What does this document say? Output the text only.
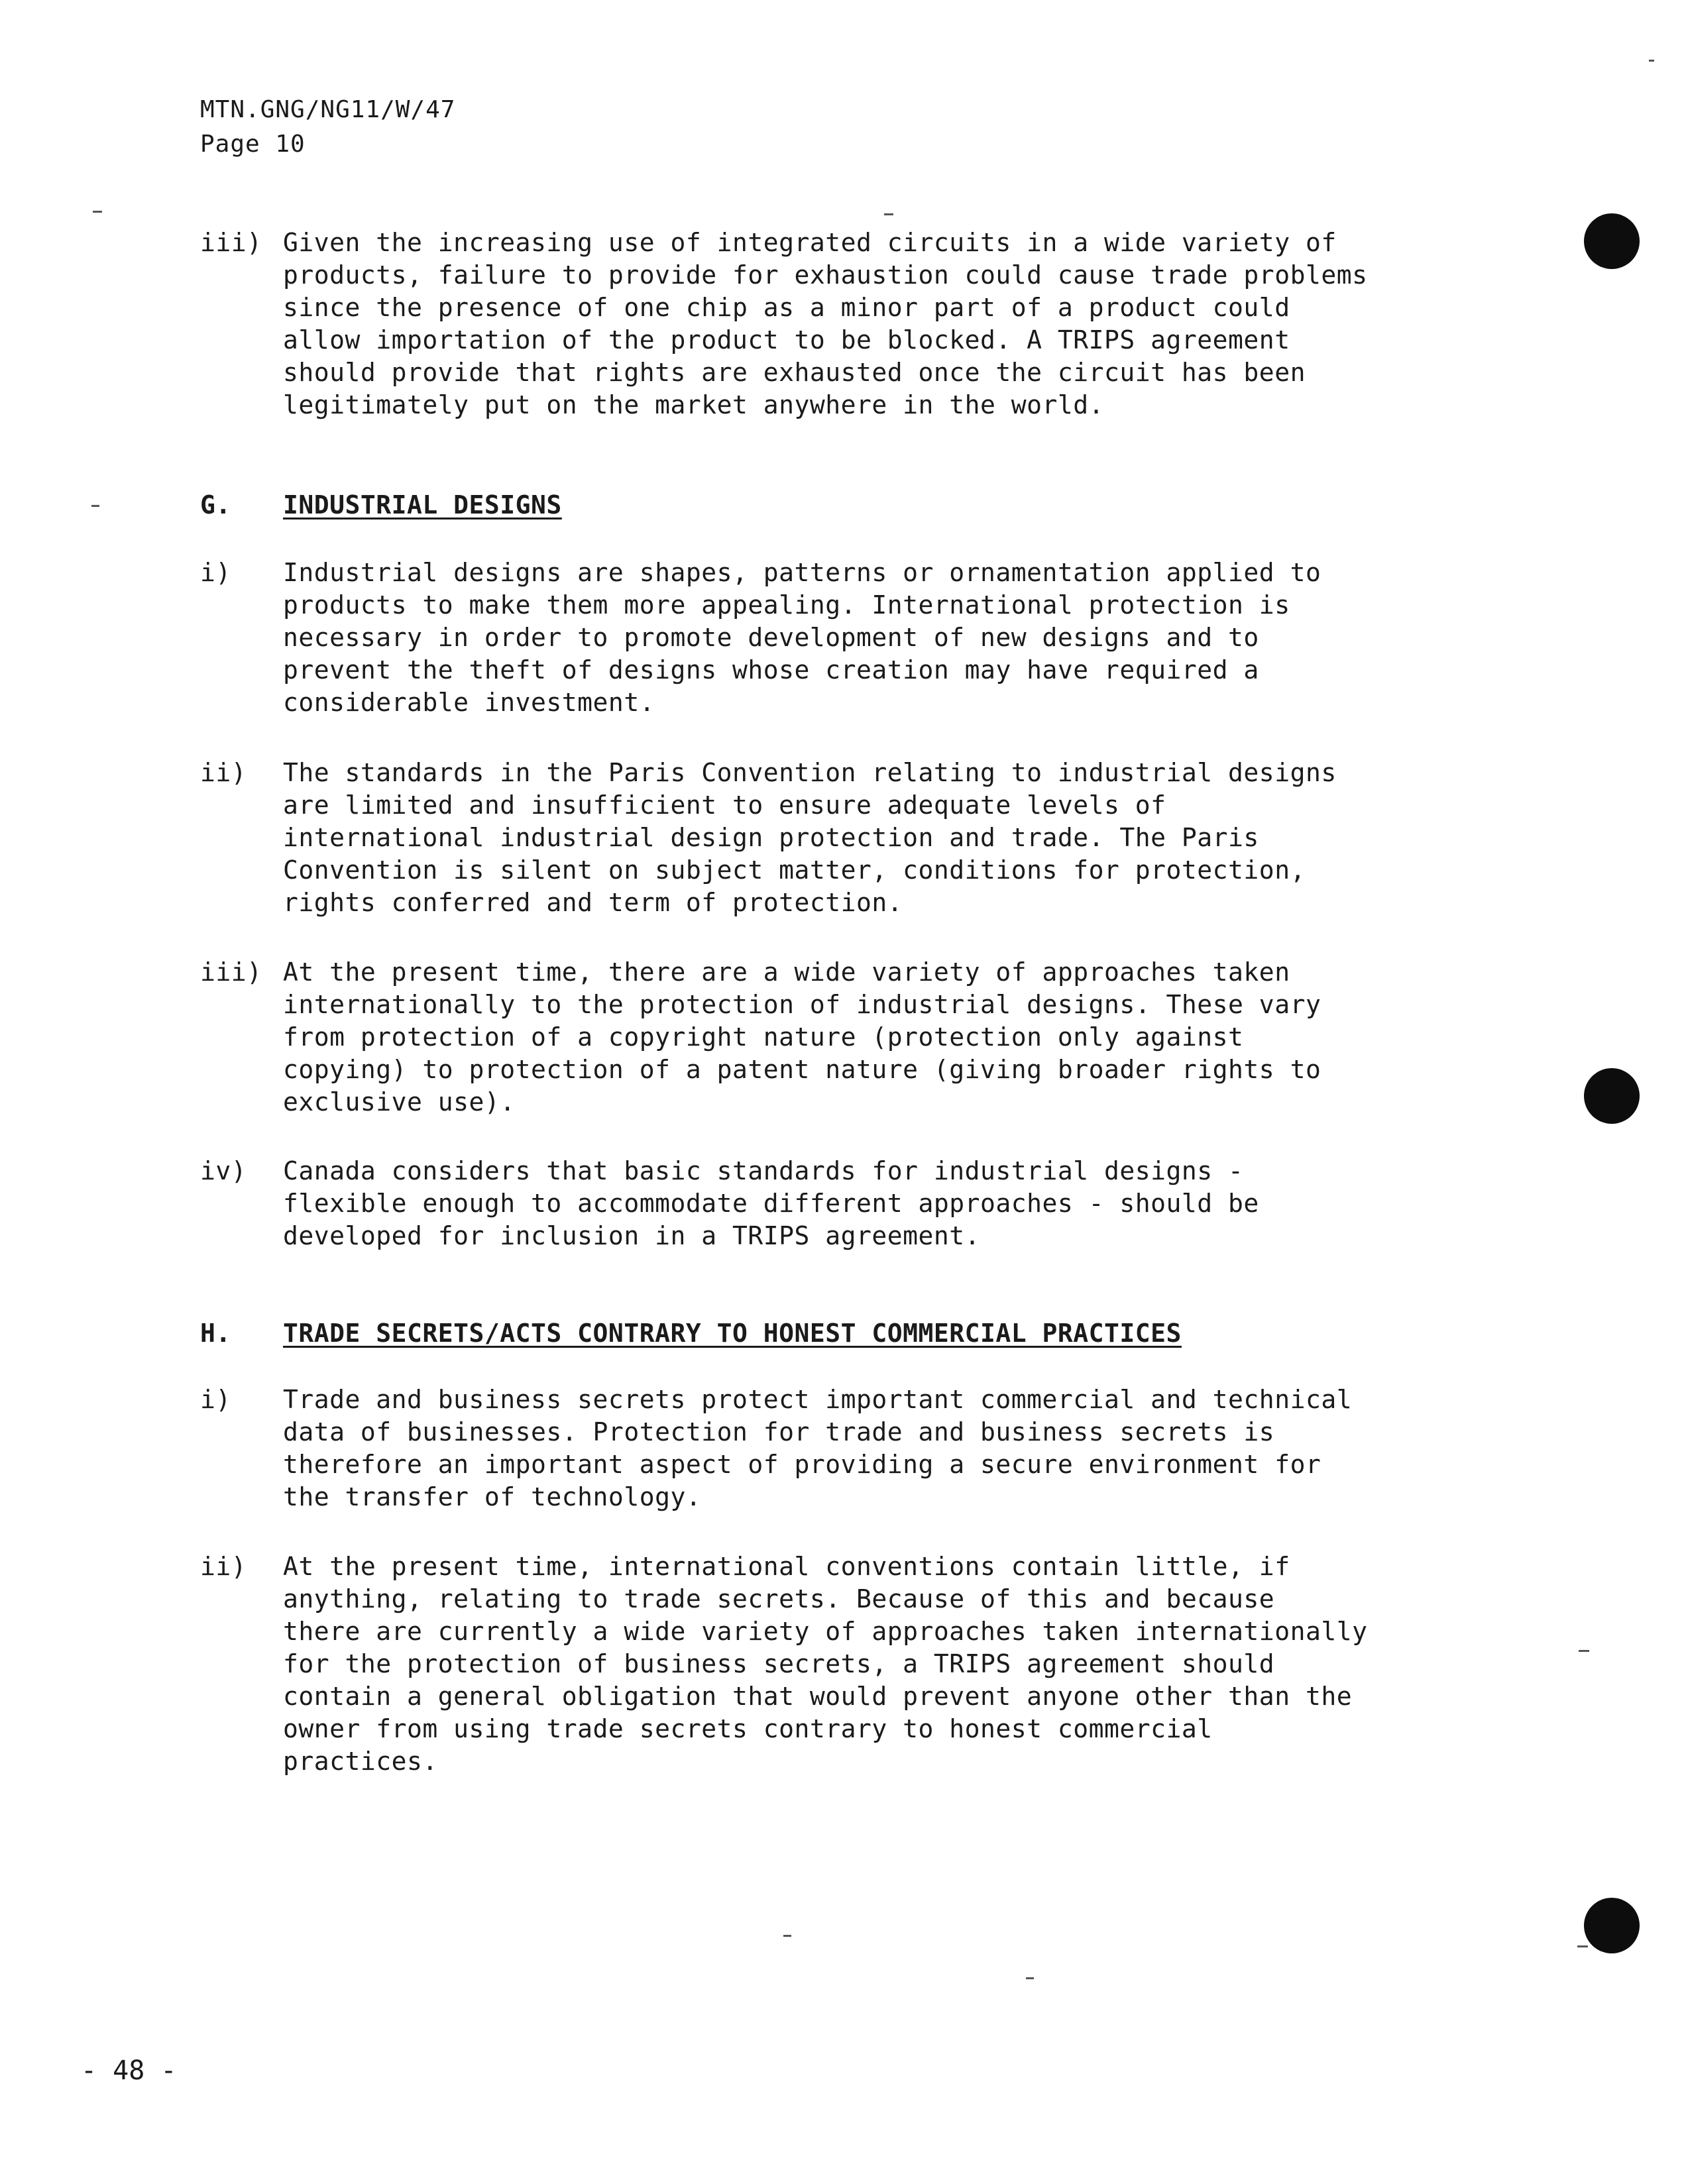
MTN.GNG/NG11/W/47
Page 10
iii) Given the increasing use of integrated circuits in a wide variety of
products, failure to provide for exhaustion could cause trade problems
since the presence of one chip as a minor part of a product could
allow importation of the product to be blocked. A TRIPS agreement
should provide that rights are exhausted once the circuit has been
legitimately put on the market anywhere in the world.
G. INDUSTRIAL DESIGNS
i) Industrial designs are shapes, patterns or ornamentation applied to
products to make them more appealing. International protection is
necessary in order to promote development of new designs and to
prevent the theft of designs whose creation may have required a
considerable investment.
ii) The standards in the Paris Convention relating to industrial designs
are limited and insufficient to ensure adequate levels of
international industrial design protection and trade. The Paris
Convention is silent on subject matter, conditions for protection,
rights conferred and term of protection.
iii) At the present time, there are a wide variety of approaches taken
internationally to the protection of industrial designs. These vary
from protection of a copyright nature (protection only against
copying) to protection of a patent nature (giving broader rights to
exclusive use).
iv) Canada considers that basic standards for industrial designs -
flexible enough to accommodate different approaches - should be
developed for inclusion in a TRIPS agreement.
H. TRADE SECRETS/ACTS CONTRARY TO HONEST COMMERCIAL PRACTICES
i) Trade and business secrets protect important commercial and technical
data of businesses. Protection for trade and business secrets is
therefore an important aspect of providing a secure environment for
the transfer of technology.
ii) At the present time, international conventions contain little, if
anything, relating to trade secrets. Because of this and because
there are currently a wide variety of approaches taken internationally
for the protection of business secrets, a TRIPS agreement should
contain a general obligation that would prevent anyone other than the
owner from using trade secrets contrary to honest commercial
practices.
- 48 -
